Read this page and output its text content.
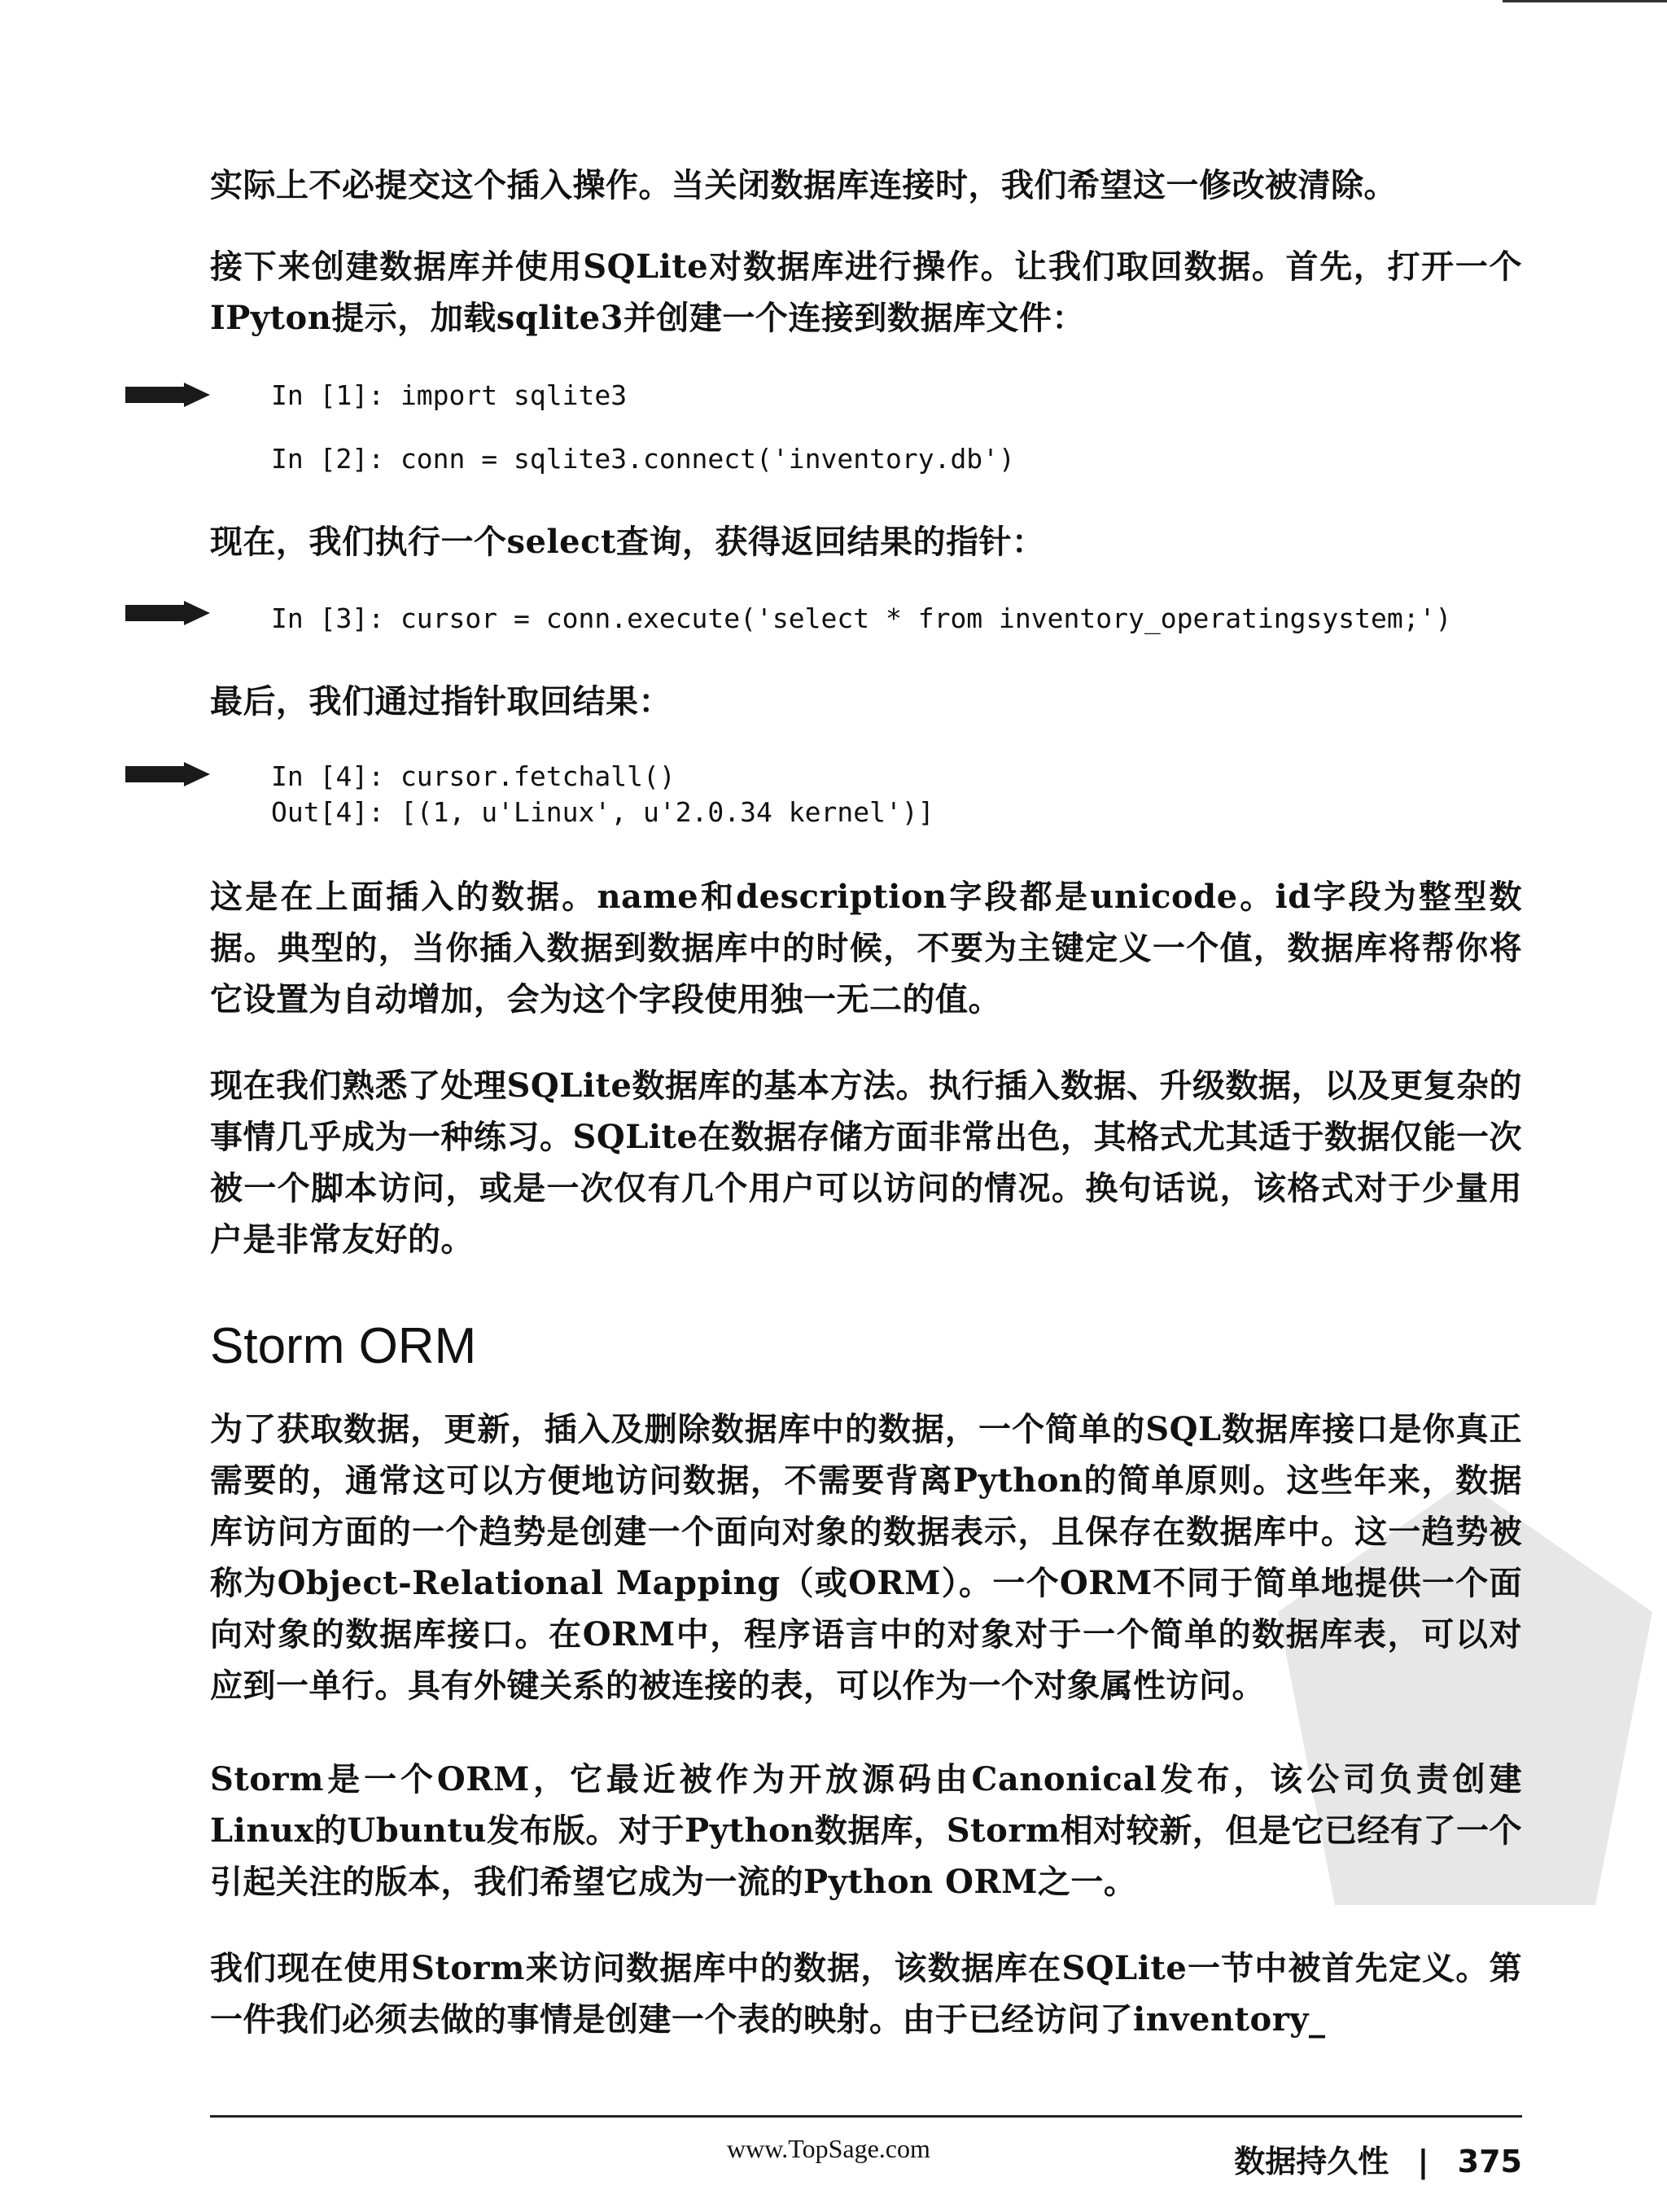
实际上不必提交这个插入操作。当关闭数据库连接时，我们希望这一修改被清除。

接下来创建数据库并使用SQLite对数据库进行操作。让我们取回数据。首先，打开一个IPyton提示，加载sqlite3并创建一个连接到数据库文件：

In [1]: import sqlite3
In [2]: conn = sqlite3.connect('inventory.db')

现在，我们执行一个select查询，获得返回结果的指针：

In [3]: cursor = conn.execute('select * from inventory_operatingsystem;')

最后，我们通过指针取回结果：

In [4]: cursor.fetchall()
Out[4]: [(1, u'Linux', u'2.0.34 kernel')]

这是在上面插入的数据。name和description字段都是unicode。id字段为整型数据。典型的，当你插入数据到数据库中的时候，不要为主键定义一个值，数据库将帮你将它设置为自动增加，会为这个字段使用独一无二的值。

现在我们熟悉了处理SQLite数据库的基本方法。执行插入数据、升级数据，以及更复杂的事情几乎成为一种练习。SQLite在数据存储方面非常出色，其格式尤其适于数据仅能一次被一个脚本访问，或是一次仅有几个用户可以访问的情况。换句话说，该格式对于少量用户是非常友好的。

Storm ORM

为了获取数据，更新，插入及删除数据库中的数据，一个简单的SQL数据库接口是你真正需要的，通常这可以方便地访问数据，不需要背离Python的简单原则。这些年来，数据库访问方面的一个趋势是创建一个面向对象的数据表示，且保存在数据库中。这一趋势被称为Object-Relational Mapping（或ORM）。一个ORM不同于简单地提供一个面向对象的数据库接口。在ORM中，程序语言中的对象对于一个简单的数据库表，可以对应到一单行。具有外键关系的被连接的表，可以作为一个对象属性访问。

Storm是一个ORM，它最近被作为开放源码由Canonical发布，该公司负责创建Linux的Ubuntu发布版。对于Python数据库，Storm相对较新，但是它已经有了一个引起关注的版本，我们希望它成为一流的Python ORM之一。

我们现在使用Storm来访问数据库中的数据，该数据库在SQLite一节中被首先定义。第一件我们必须去做的事情是创建一个表的映射。由于已经访问了inventory_

www.TopSage.com	数据持久性 | 375
